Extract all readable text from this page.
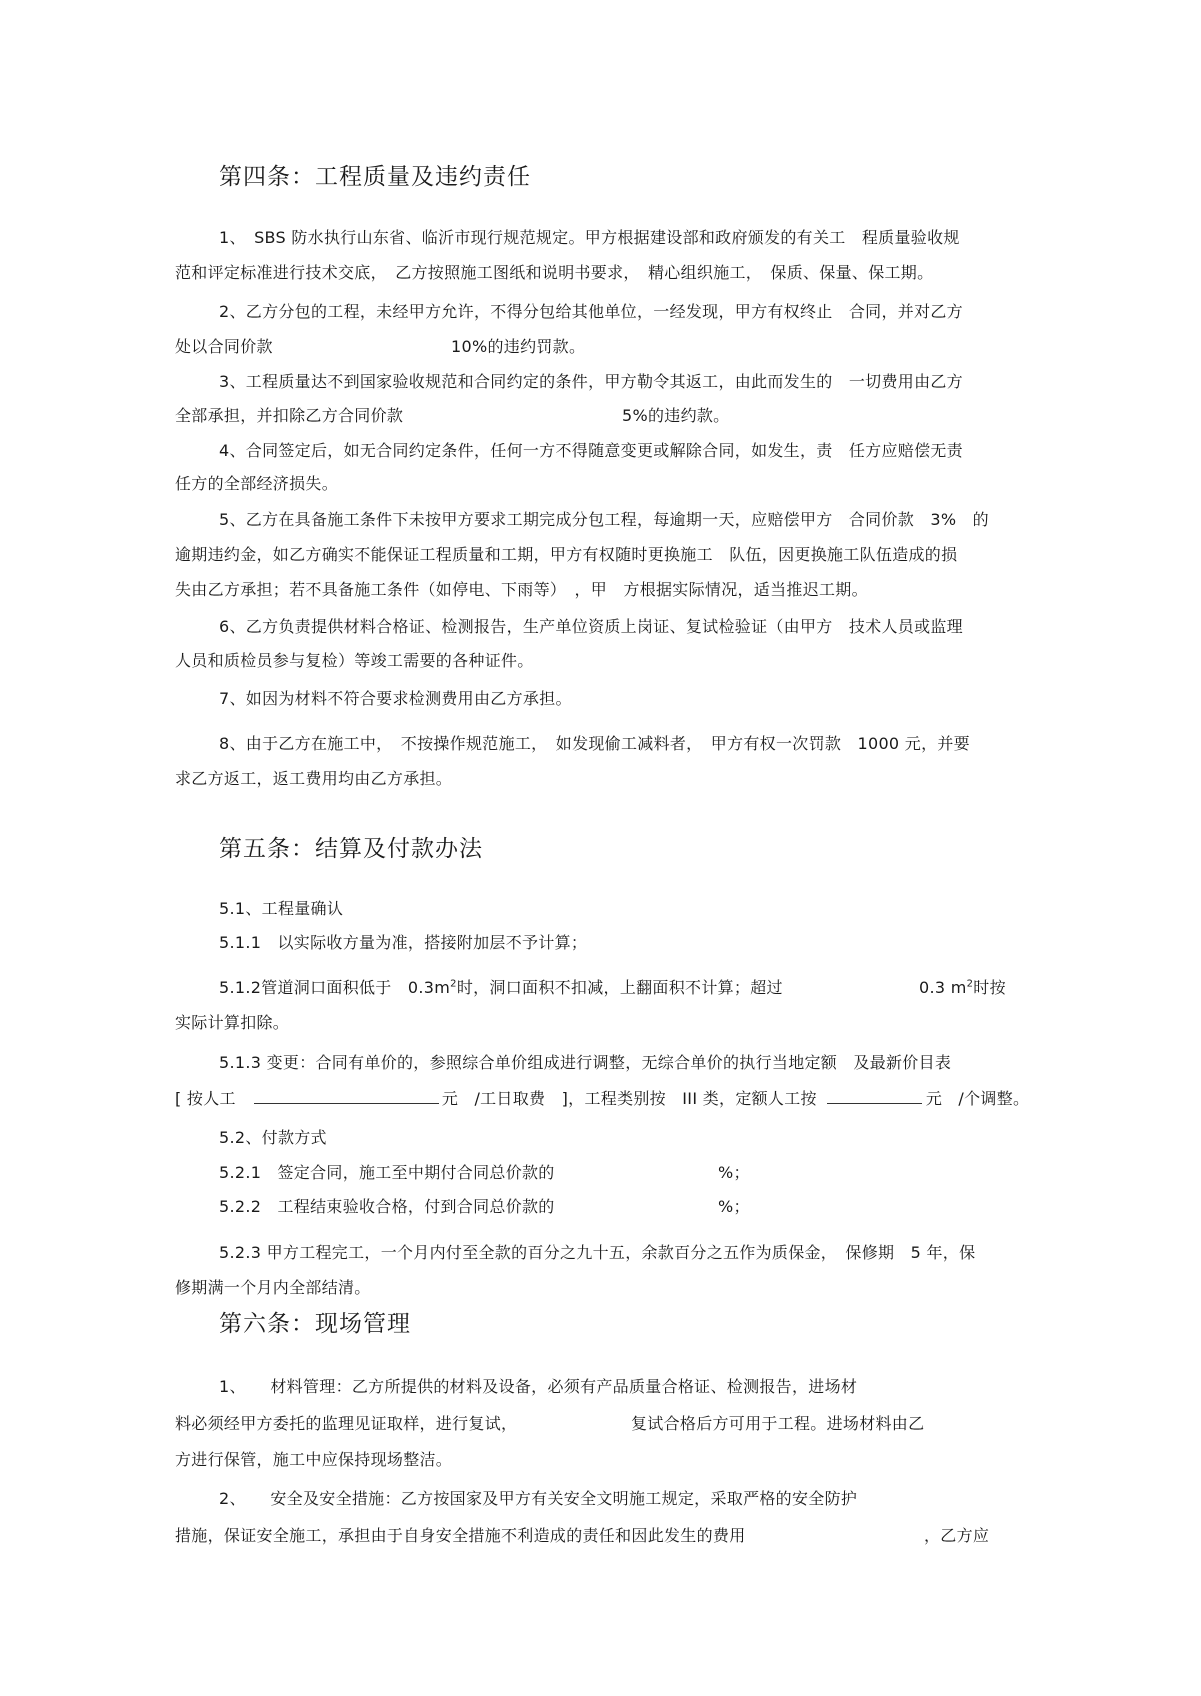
第四条：工程质量及违约责任

1、　SBS 防水执行山东省、临沂市现行规范规定。甲方根据建设部和政府颁发的有关工　程质量验收规

范和评定标准进行技术交底，　乙方按照施工图纸和说明书要求，　精心组织施工，　保质、保量、保工期。

2、乙方分包的工程，未经甲方允许，不得分包给其他单位，一经发现，甲方有权终止　合同，并对乙方

处以合同价款	10%的违约罚款。

3、工程质量达不到国家验收规范和合同约定的条件，甲方勒令其返工，由此而发生的　一切费用由乙方

全部承担，并扣除乙方合同价款	5%的违约款。

4、合同签定后，如无合同约定条件，任何一方不得随意变更或解除合同，如发生，责　任方应赔偿无责

任方的全部经济损失。

5、乙方在具备施工条件下未按甲方要求工期完成分包工程，每逾期一天，应赔偿甲方　合同价款　3%　的

逾期违约金，如乙方确实不能保证工程质量和工期，甲方有权随时更换施工　队伍，因更换施工队伍造成的损

失由乙方承担；若不具备施工条件（如停电、下雨等）　，甲　方根据实际情况，适当推迟工期。

6、乙方负责提供材料合格证、检测报告，生产单位资质上岗证、复试检验证（由甲方　技术人员或监理

人员和质检员参与复检）等竣工需要的各种证件。

7、如因为材料不符合要求检测费用由乙方承担。

8、由于乙方在施工中，　不按操作规范施工，　如发现偷工减料者，　甲方有权一次罚款　1000 元，并要

求乙方返工，返工费用均由乙方承担。

第五条：结算及付款办法

5.1、工程量确认

5.1.1　以实际收方量为准，搭接附加层不予计算；

5.1.2管道洞口面积低于　$0.3m^2$时，洞口面积不扣减，上翻面积不计算；超过	0.3 $m^2$时按

实际计算扣除。

5.1.3 变更：合同有单价的，参照综合单价组成进行调整，无综合单价的执行当地定额　及最新价目表

[ 按人工	元　/工日取费　]，工程类别按　III 类，定额人工按	元　/个调整。

5.2、付款方式

5.2.1　签定合同，施工至中期付合同总价款的	%；

5.2.2　工程结束验收合格，付到合同总价款的	%；

5.2.3 甲方工程完工，一个月内付至全款的百分之九十五，余款百分之五作为质保金，　保修期　5 年，保

修期满一个月内全部结清。

第六条：现场管理

1、　　材料管理：乙方所提供的材料及设备，必须有产品质量合格证、检测报告，进场材

料必须经甲方委托的监理见证取样，进行复试，	复试合格后方可用于工程。进场材料由乙

方进行保管，施工中应保持现场整洁。

2、　　安全及安全措施：乙方按国家及甲方有关安全文明施工规定，采取严格的安全防护

措施，保证安全施工，承担由于自身安全措施不利造成的责任和因此发生的费用	，乙方应
